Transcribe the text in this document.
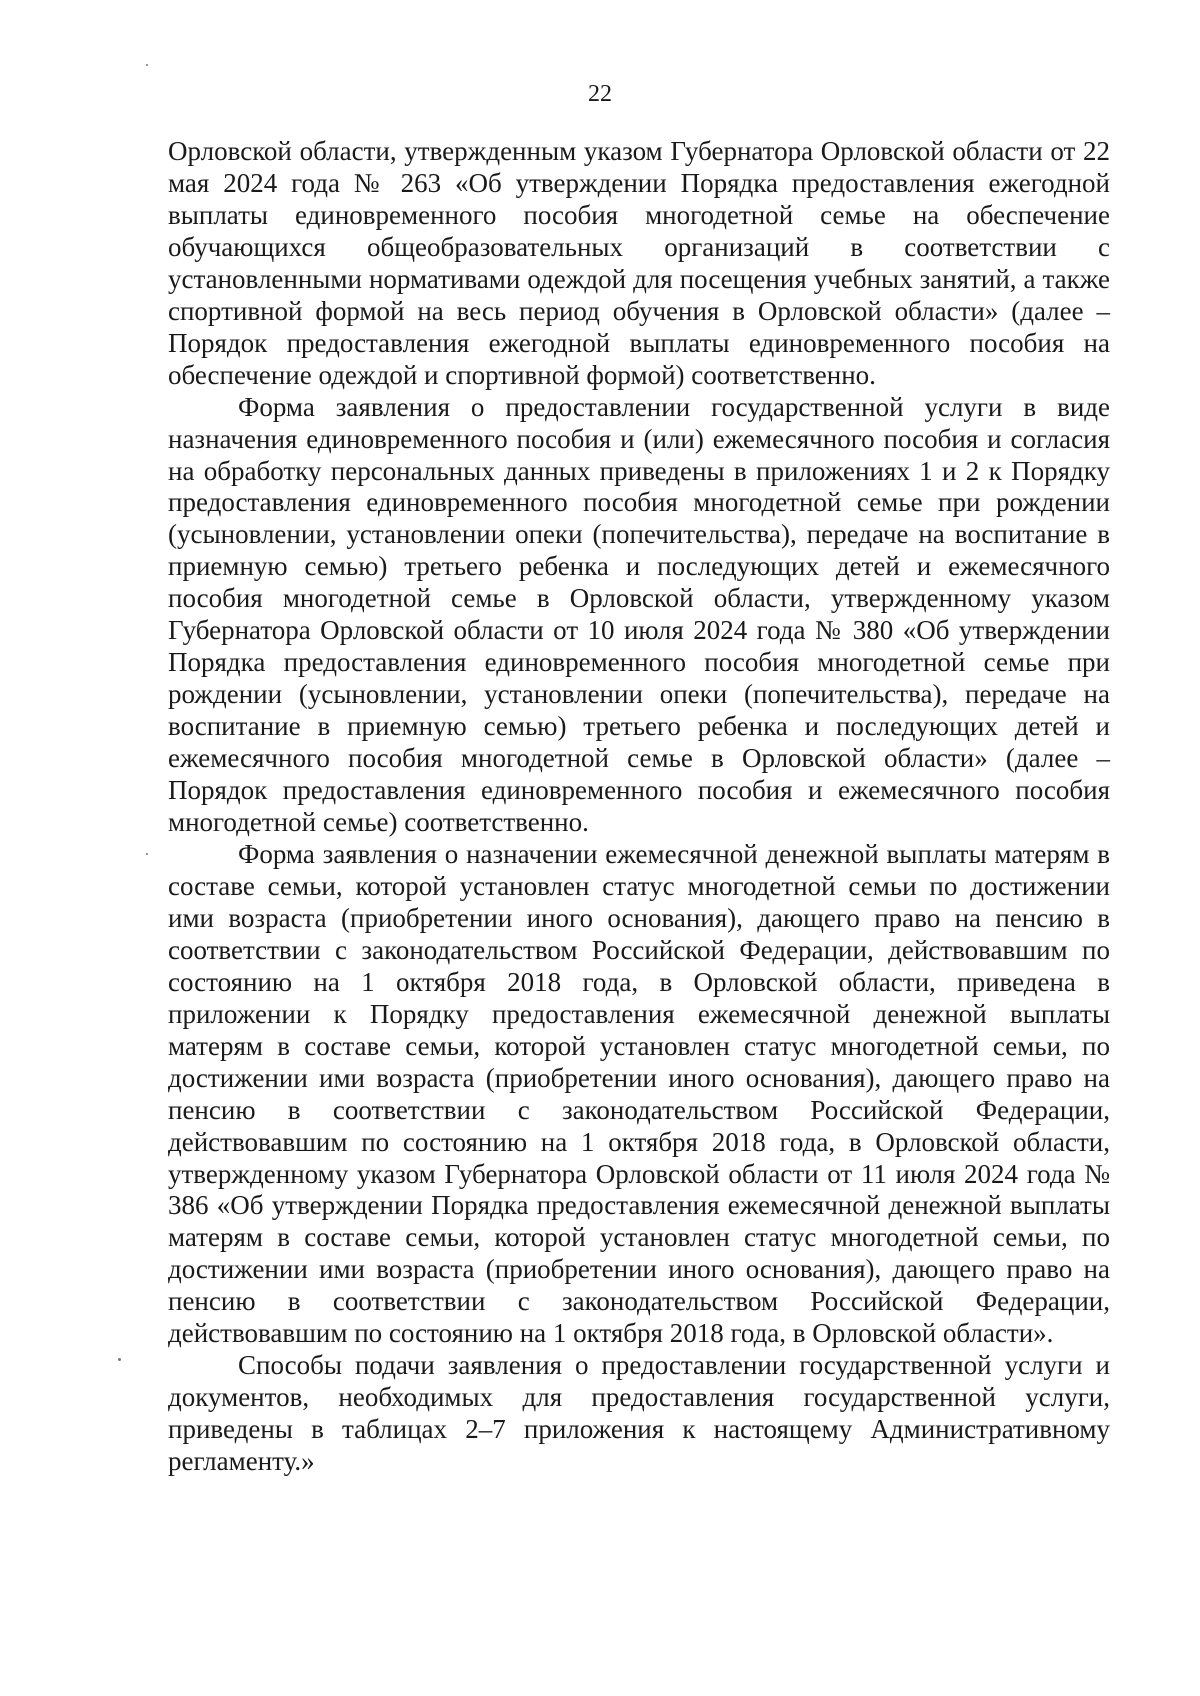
22

Орловской области, утвержденным указом Губернатора Орловской области от 22 мая 2024 года № 263 «Об утверждении Порядка предоставления ежегодной выплаты единовременного пособия многодетной семье на обеспечение обучающихся общеобразовательных организаций в соответствии с установленными нормативами одеждой для посещения учебных занятий, а также спортивной формой на весь период обучения в Орловской области» (далее – Порядок предоставления ежегодной выплаты единовременного пособия на обеспечение одеждой и спортивной формой) соответственно.

Форма заявления о предоставлении государственной услуги в виде назначения единовременного пособия и (или) ежемесячного пособия и согласия на обработку персональных данных приведены в приложениях 1 и 2 к Порядку предоставления единовременного пособия многодетной семье при рождении (усыновлении, установлении опеки (попечительства), передаче на воспитание в приемную семью) третьего ребенка и последующих детей и ежемесячного пособия многодетной семье в Орловской области, утвержденному указом Губернатора Орловской области от 10 июля 2024 года № 380 «Об утверждении Порядка предоставления единовременного пособия многодетной семье при рождении (усыновлении, установлении опеки (попечительства), передаче на воспитание в приемную семью) третьего ребенка и последующих детей и ежемесячного пособия многодетной семье в Орловской области» (далее – Порядок предоставления единовременного пособия и ежемесячного пособия многодетной семье) соответственно.

Форма заявления о назначении ежемесячной денежной выплаты матерям в составе семьи, которой установлен статус многодетной семьи по достижении ими возраста (приобретении иного основания), дающего право на пенсию в соответствии с законодательством Российской Федерации, действовавшим по состоянию на 1 октября 2018 года, в Орловской области, приведена в приложении к Порядку предоставления ежемесячной денежной выплаты матерям в составе семьи, которой установлен статус многодетной семьи, по достижении ими возраста (приобретении иного основания), дающего право на пенсию в соответствии с законодательством Российской Федерации, действовавшим по состоянию на 1 октября 2018 года, в Орловской области, утвержденному указом Губернатора Орловской области от 11 июля 2024 года № 386 «Об утверждении Порядка предоставления ежемесячной денежной выплаты матерям в составе семьи, которой установлен статус многодетной семьи, по достижении ими возраста (приобретении иного основания), дающего право на пенсию в соответствии с законодательством Российской Федерации, действовавшим по состоянию на 1 октября 2018 года, в Орловской области».

Способы подачи заявления о предоставлении государственной услуги и документов, необходимых для предоставления государственной услуги, приведены в таблицах 2–7 приложения к настоящему Административному регламенту.»
